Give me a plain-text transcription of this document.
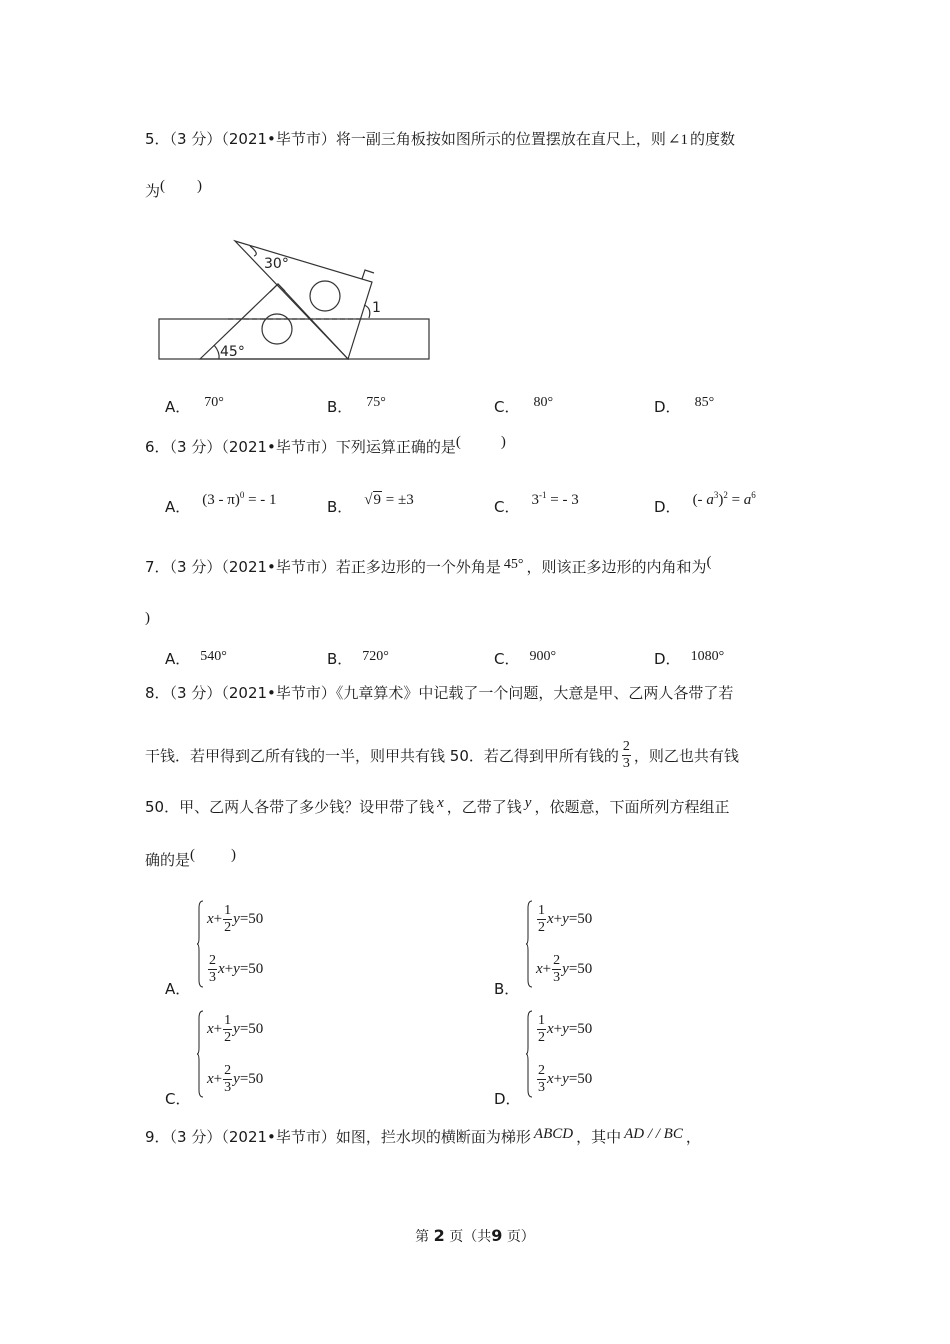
5．（3 分）（2021•毕节市）将一副三角板按如图所示的位置摆放在直尺上，则 ∠1 的度数
为( )
30°
45°
1
A． 70°	B． 75°	C． 80°	D． 85°
6．（3 分）（2021•毕节市）下列运算正确的是(	)
A． (3 - π)$^0$ = - 1	B． √9 = ±3	C． $3^{-1}$ = - 3	D． (- $a^3)^2 = a^6$
7．（3 分）（2021•毕节市）若正多边形的一个外角是 45° ，则该正多边形的内角和为(
)
A． 540°	B． 720°	C． 900°	D． 1080°
8．（3 分）（2021•毕节市）《九章算术》中记载了一个问题，大意是甲、乙两人各带了若
干钱．若甲得到乙所有钱的一半，则甲共有钱 50．若乙得到甲所有钱的 $\frac{2}{3}$ ，则乙也共有钱
50．甲、乙两人各带了多少钱？设甲带了钱 x ，乙带了钱 y ，依题意，下面所列方程组正
确的是( )
A．
$x + \frac{1}{2}$ y =50
$\frac{2}{3}$ x + y =50
B．
$\frac{1}{2}$ x + y =50
$x + \frac{2}{3}$ y =50
C．
$x + \frac{1}{2}$ y =50
$x + \frac{2}{3}$ y =50
D．
$\frac{1}{2}$ x + y =50
$\frac{2}{3}$ x + y =50
9．（3 分）（2021•毕节市）如图，拦水坝的横断面为梯形 ABCD ，其中 AD / / BC ，
第 2 页（共9 页）
